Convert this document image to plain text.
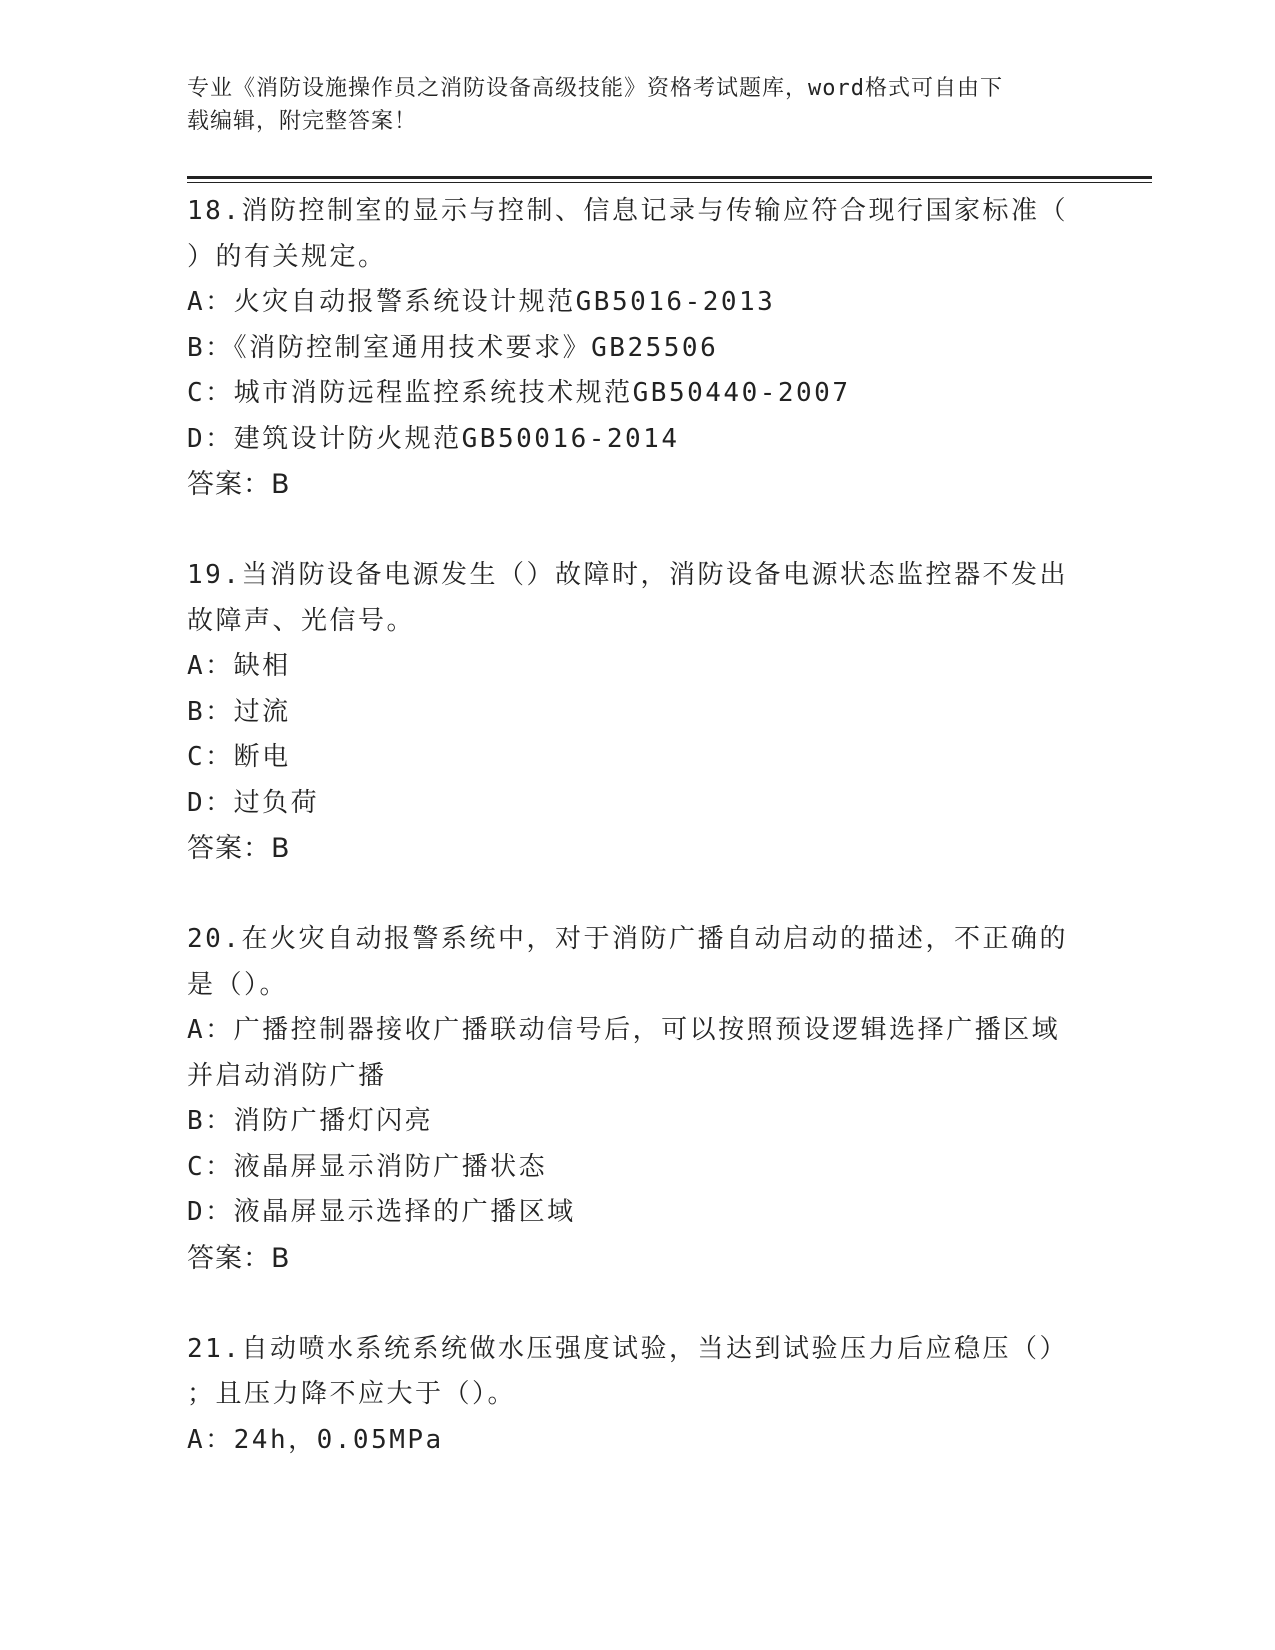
专业《消防设施操作员之消防设备高级技能》资格考试题库，word格式可自由下
载编辑，附完整答案！
18.消防控制室的显示与控制、信息记录与传输应符合现行国家标准（
）的有关规定。
A：火灾自动报警系统设计规范GB5016-2013
B：《消防控制室通用技术要求》GB25506
C：城市消防远程监控系统技术规范GB50440-2007
D：建筑设计防火规范GB50016-2014
答案：B
19.当消防设备电源发生（）故障时，消防设备电源状态监控器不发出
故障声、光信号。
A：缺相
B：过流
C：断电
D：过负荷
答案：B
20.在火灾自动报警系统中，对于消防广播自动启动的描述，不正确的
是（）。
A：广播控制器接收广播联动信号后，可以按照预设逻辑选择广播区域
并启动消防广播
B：消防广播灯闪亮
C：液晶屏显示消防广播状态
D：液晶屏显示选择的广播区域
答案：B
21.自动喷水系统系统做水压强度试验，当达到试验压力后应稳压（）
；且压力降不应大于（）。
A：24h，0.05MPa
